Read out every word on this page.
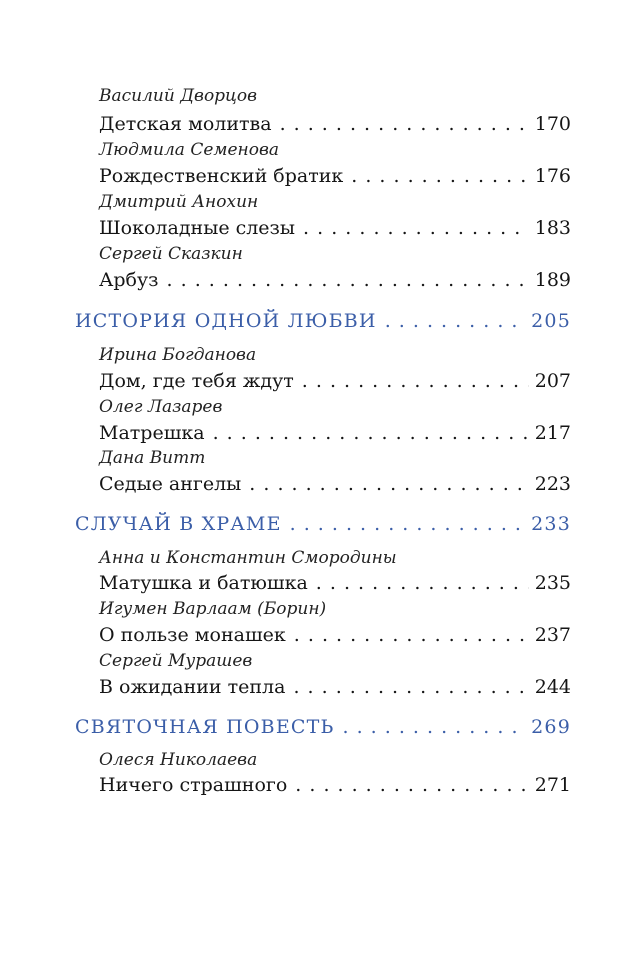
Василий Дворцов
Детская молитва . . .	170
Людмила Семенова
Рождественский братик . . .	176
Дмитрий Анохин
Шоколадные слезы . . .	183
Сергей Сказкин
Арбуз . . .	189
ИСТОРИЯ ОДНОЙ ЛЮБВИ . . .	205
Ирина Богданова
Дом, где тебя ждут . . .	207
Олег Лазарев
Матрешка . . .	217
Дана Витт
Седые ангелы . . .	223
СЛУЧАЙ В ХРАМЕ . . .	233
Анна и Константин Смородины
Матушка и батюшка . . .	235
Игумен Варлаам (Борин)
О пользе монашек . . .	237
Сергей Мурашев
В ожидании тепла . . .	244
СВЯТОЧНАЯ ПОВЕСТЬ . . .	269
Олеся Николаева
Ничего страшного . . .	271
